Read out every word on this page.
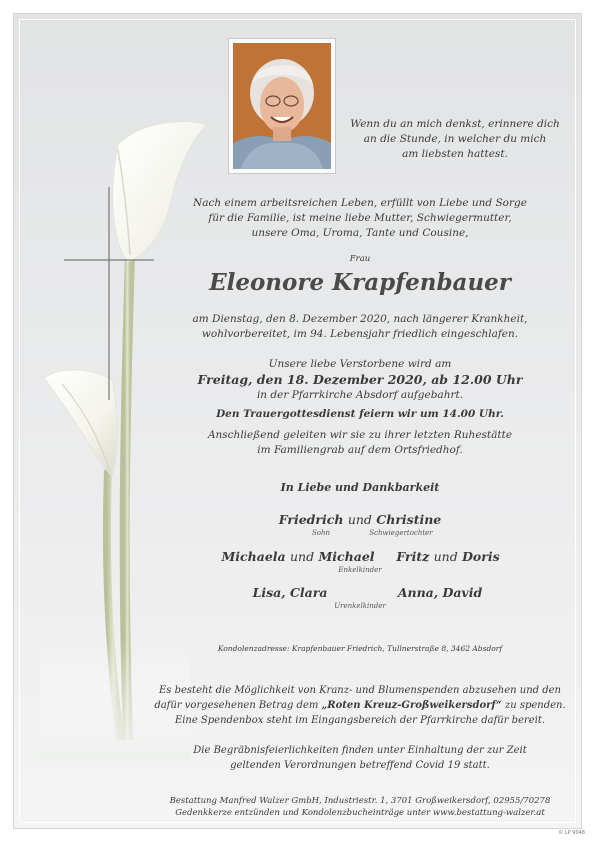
Wenn du an mich denkst, erinnere dich
an die Stunde, in welcher du mich
am liebsten hattest.
Nach einem arbeitsreichen Leben, erfüllt von Liebe und Sorge
für die Familie, ist meine liebe Mutter, Schwiegermutter,
unsere Oma, Uroma, Tante und Cousine,
Frau
Eleonore Krapfenbauer
am Dienstag, den 8. Dezember 2020, nach längerer Krankheit,
wohlvorbereitet, im 94. Lebensjahr friedlich eingeschlafen.
Unsere liebe Verstorbene wird am
Freitag, den 18. Dezember 2020, ab 12.00 Uhr
in der Pfarrkirche Absdorf aufgebahrt.
Den Trauergottesdienst feiern wir um 14.00 Uhr.
Anschließend geleiten wir sie zu ihrer letzten Ruhestätte
im Familiengrab auf dem Ortsfriedhof.
In Liebe und Dankbarkeit
Friedrich und Christine
Sohn	Schwiegertochter
Michaela und Michael	Fritz und Doris
Enkelkinder
Lisa, Clara	Anna, David
Urenkelkinder
Kondolenzadresse: Krapfenbauer Friedrich, Tullnerstraße 8, 3462 Absdorf
Es besteht die Möglichkeit von Kranz- und Blumenspenden abzusehen und den
dafür vorgesehenen Betrag dem „Roten Kreuz-Großweikersdorf“ zu spenden.
Eine Spendenbox steht im Eingangsbereich der Pfarrkirche dafür bereit.
Die Begräbnisfeierlichkeiten finden unter Einhaltung der zur Zeit
geltenden Verordnungen betreffend Covid 19 statt.
Bestattung Manfred Walzer GmbH, Industriestr. 1, 3701 Großweikersdorf, 02955/70278
Gedenkkerze entzünden und Kondolenzbucheinträge unter www.bestattung-walzer.at
© LP 9048
